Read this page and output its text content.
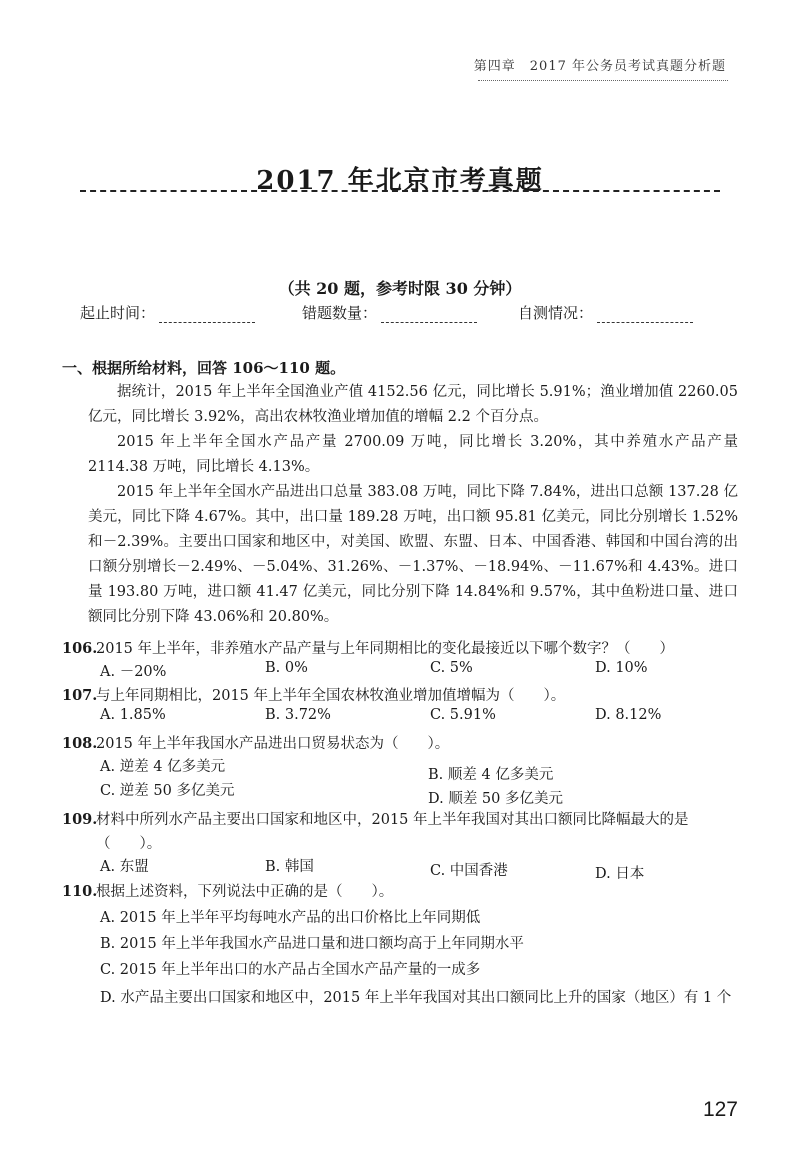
第四章　2017 年公务员考试真题分析题
2017 年北京市考真题
（共 20 题，参考时限 30 分钟）
起止时间：	错题数量：	自测情况：
一、根据所给材料，回答 106～110 题。

据统计，2015 年上半年全国渔业产值 4152.56 亿元，同比增长 5.91%；渔业增加值 2260.05 亿元，同比增长 3.92%，高出农林牧渔业增加值的增幅 2.2 个百分点。

2015 年上半年全国水产品产量 2700.09 万吨，同比增长 3.20%，其中养殖水产品产量 2114.38 万吨，同比增长 4.13%。

2015 年上半年全国水产品进出口总量 383.08 万吨，同比下降 7.84%，进出口总额 137.28 亿美元，同比下降 4.67%。其中，出口量 189.28 万吨，出口额 95.81 亿美元，同比分别增长 1.52%和－2.39%。主要出口国家和地区中，对美国、欧盟、东盟、日本、中国香港、韩国和中国台湾的出口额分别增长－2.49%、－5.04%、31.26%、－1.37%、－18.94%、－11.67%和 4.43%。进口量 193.80 万吨，进口额 41.47 亿美元，同比分别下降 14.84%和 9.57%，其中鱼粉进口量、进口额同比分别下降 43.06%和 20.80%。

106.2015 年上半年，非养殖水产品产量与上年同期相比的变化最接近以下哪个数字？（　　）
A. －20%	B. 0%	C. 5%	D. 10%
107.与上年同期相比，2015 年上半年全国农林牧渔业增加值增幅为（　　）。
A. 1.85%	B. 3.72%	C. 5.91%	D. 8.12%
108.2015 年上半年我国水产品进出口贸易状态为（　　）。
A. 逆差 4 亿多美元	B. 顺差 4 亿多美元
C. 逆差 50 多亿美元	D. 顺差 50 多亿美元
109.材料中所列水产品主要出口国家和地区中，2015 年上半年我国对其出口额同比降幅最大的是（　　）。
A. 东盟	B. 韩国	C. 中国香港	D. 日本
110.根据上述资料，下列说法中正确的是（　　）。
A. 2015 年上半年平均每吨水产品的出口价格比上年同期低
B. 2015 年上半年我国水产品进口量和进口额均高于上年同期水平
C. 2015 年上半年出口的水产品占全国水产品产量的一成多
D. 水产品主要出口国家和地区中，2015 年上半年我国对其出口额同比上升的国家（地区）有 1 个
127
